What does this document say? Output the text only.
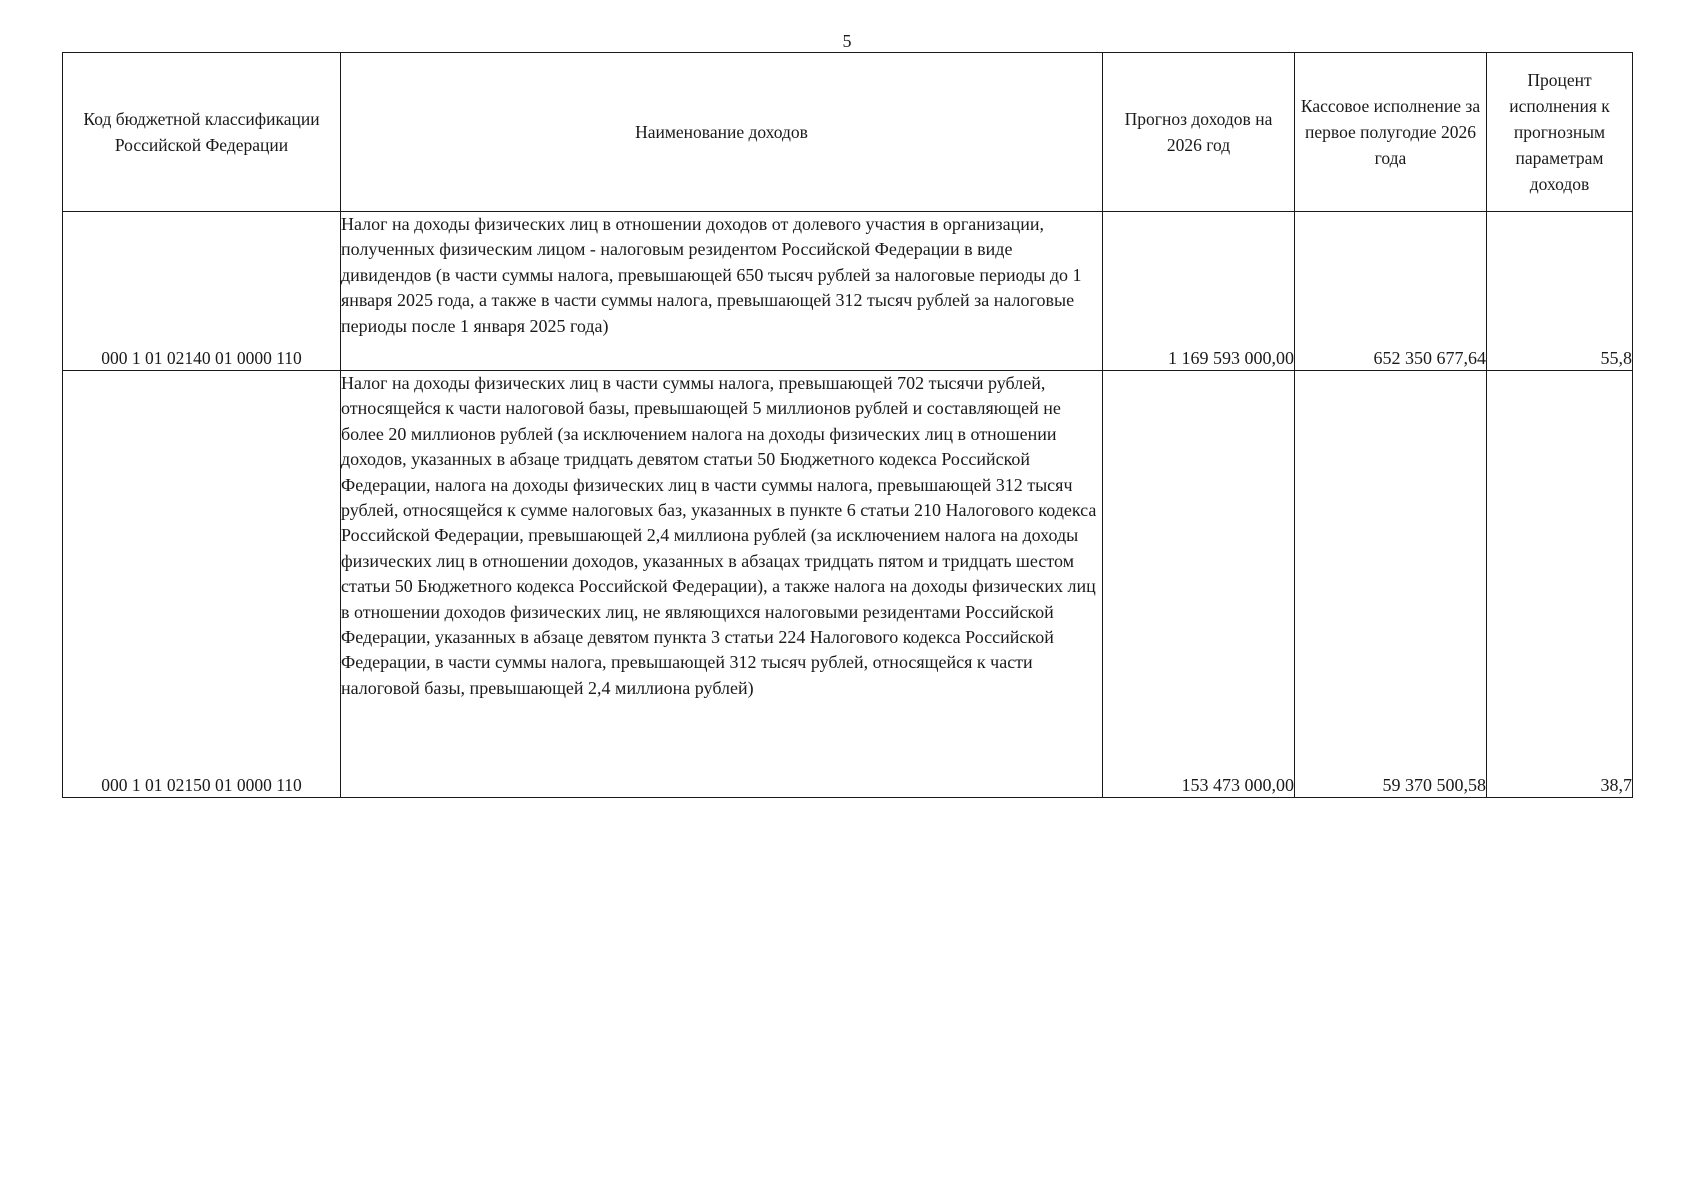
5
Код бюджетной классификации Российской Федерации	Наименование доходов	Прогноз доходов на 2026 год	Кассовое исполнение за первое полугодие 2026 года	Процент исполнения к прогнозным параметрам доходов
000 1 01 02140 01 0000 110	Налог на доходы физических лиц в отношении доходов от долевого участия в организации, полученных физическим лицом - налоговым резидентом Российской Федерации в виде дивидендов (в части суммы налога, превышающей 650 тысяч рублей за налоговые периоды до 1 января 2025 года, а также в части суммы налога, превышающей 312 тысяч рублей за налоговые периоды после 1 января 2025 года)	1 169 593 000,00	652 350 677,64	55,8
000 1 01 02150 01 0000 110	Налог на доходы физических лиц в части суммы налога, превышающей 702 тысячи рублей, относящейся к части налоговой базы, превышающей 5 миллионов рублей и составляющей не более 20 миллионов рублей (за исключением налога на доходы физических лиц в отношении доходов, указанных в абзаце тридцать девятом статьи 50 Бюджетного кодекса Российской Федерации, налога на доходы физических лиц в части суммы налога, превышающей 312 тысяч рублей, относящейся к сумме налоговых баз, указанных в пункте 6 статьи 210 Налогового кодекса Российской Федерации, превышающей 2,4 миллиона рублей (за исключением налога на доходы физических лиц в отношении доходов, указанных в абзацах тридцать пятом и тридцать шестом статьи 50 Бюджетного кодекса Российской Федерации), а также налога на доходы физических лиц в отношении доходов физических лиц, не являющихся налоговыми резидентами Российской Федерации, указанных в абзаце девятом пункта 3 статьи 224 Налогового кодекса Российской Федерации, в части суммы налога, превышающей 312 тысяч рублей, относящейся к части налоговой базы, превышающей 2,4 миллиона рублей)	153 473 000,00	59 370 500,58	38,7
